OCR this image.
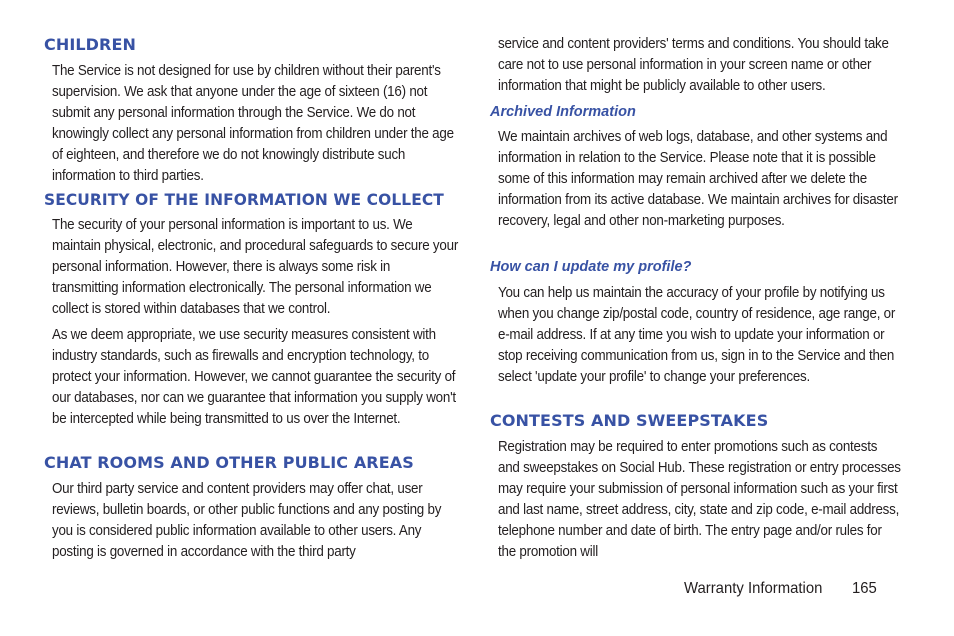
CHILDREN

The Service is not designed for use by children without their parent's supervision. We ask that anyone under the age of sixteen (16) not submit any personal information through the Service. We do not knowingly collect any personal information from children under the age of eighteen, and therefore we do not knowingly distribute such information to third parties.

SECURITY OF THE INFORMATION WE COLLECT

The security of your personal information is important to us. We maintain physical, electronic, and procedural safeguards to secure your personal information. However, there is always some risk in transmitting information electronically. The personal information we collect is stored within databases that we control.

As we deem appropriate, we use security measures consistent with industry standards, such as firewalls and encryption technology, to protect your information. However, we cannot guarantee the security of our databases, nor can we guarantee that information you supply won't be intercepted while being transmitted to us over the Internet.

CHAT ROOMS AND OTHER PUBLIC AREAS

Our third party service and content providers may offer chat, user reviews, bulletin boards, or other public functions and any posting by you is considered public information available to other users. Any posting is governed in accordance with the third party

service and content providers' terms and conditions. You should take care not to use personal information in your screen name or other information that might be publicly available to other users.

Archived Information

We maintain archives of web logs, database, and other systems and information in relation to the Service. Please note that it is possible some of this information may remain archived after we delete the information from its active database. We maintain archives for disaster recovery, legal and other non-marketing purposes.

How can I update my profile?

You can help us maintain the accuracy of your profile by notifying us when you change zip/postal code, country of residence, age range, or e-mail address. If at any time you wish to update your information or stop receiving communication from us, sign in to the Service and then select 'update your profile' to change your preferences.

CONTESTS AND SWEEPSTAKES

Registration may be required to enter promotions such as contests and sweepstakes on Social Hub. These registration or entry processes may require your submission of personal information such as your first and last name, street address, city, state and zip code, e-mail address, telephone number and date of birth. The entry page and/or rules for the promotion will

Warranty Information 165
